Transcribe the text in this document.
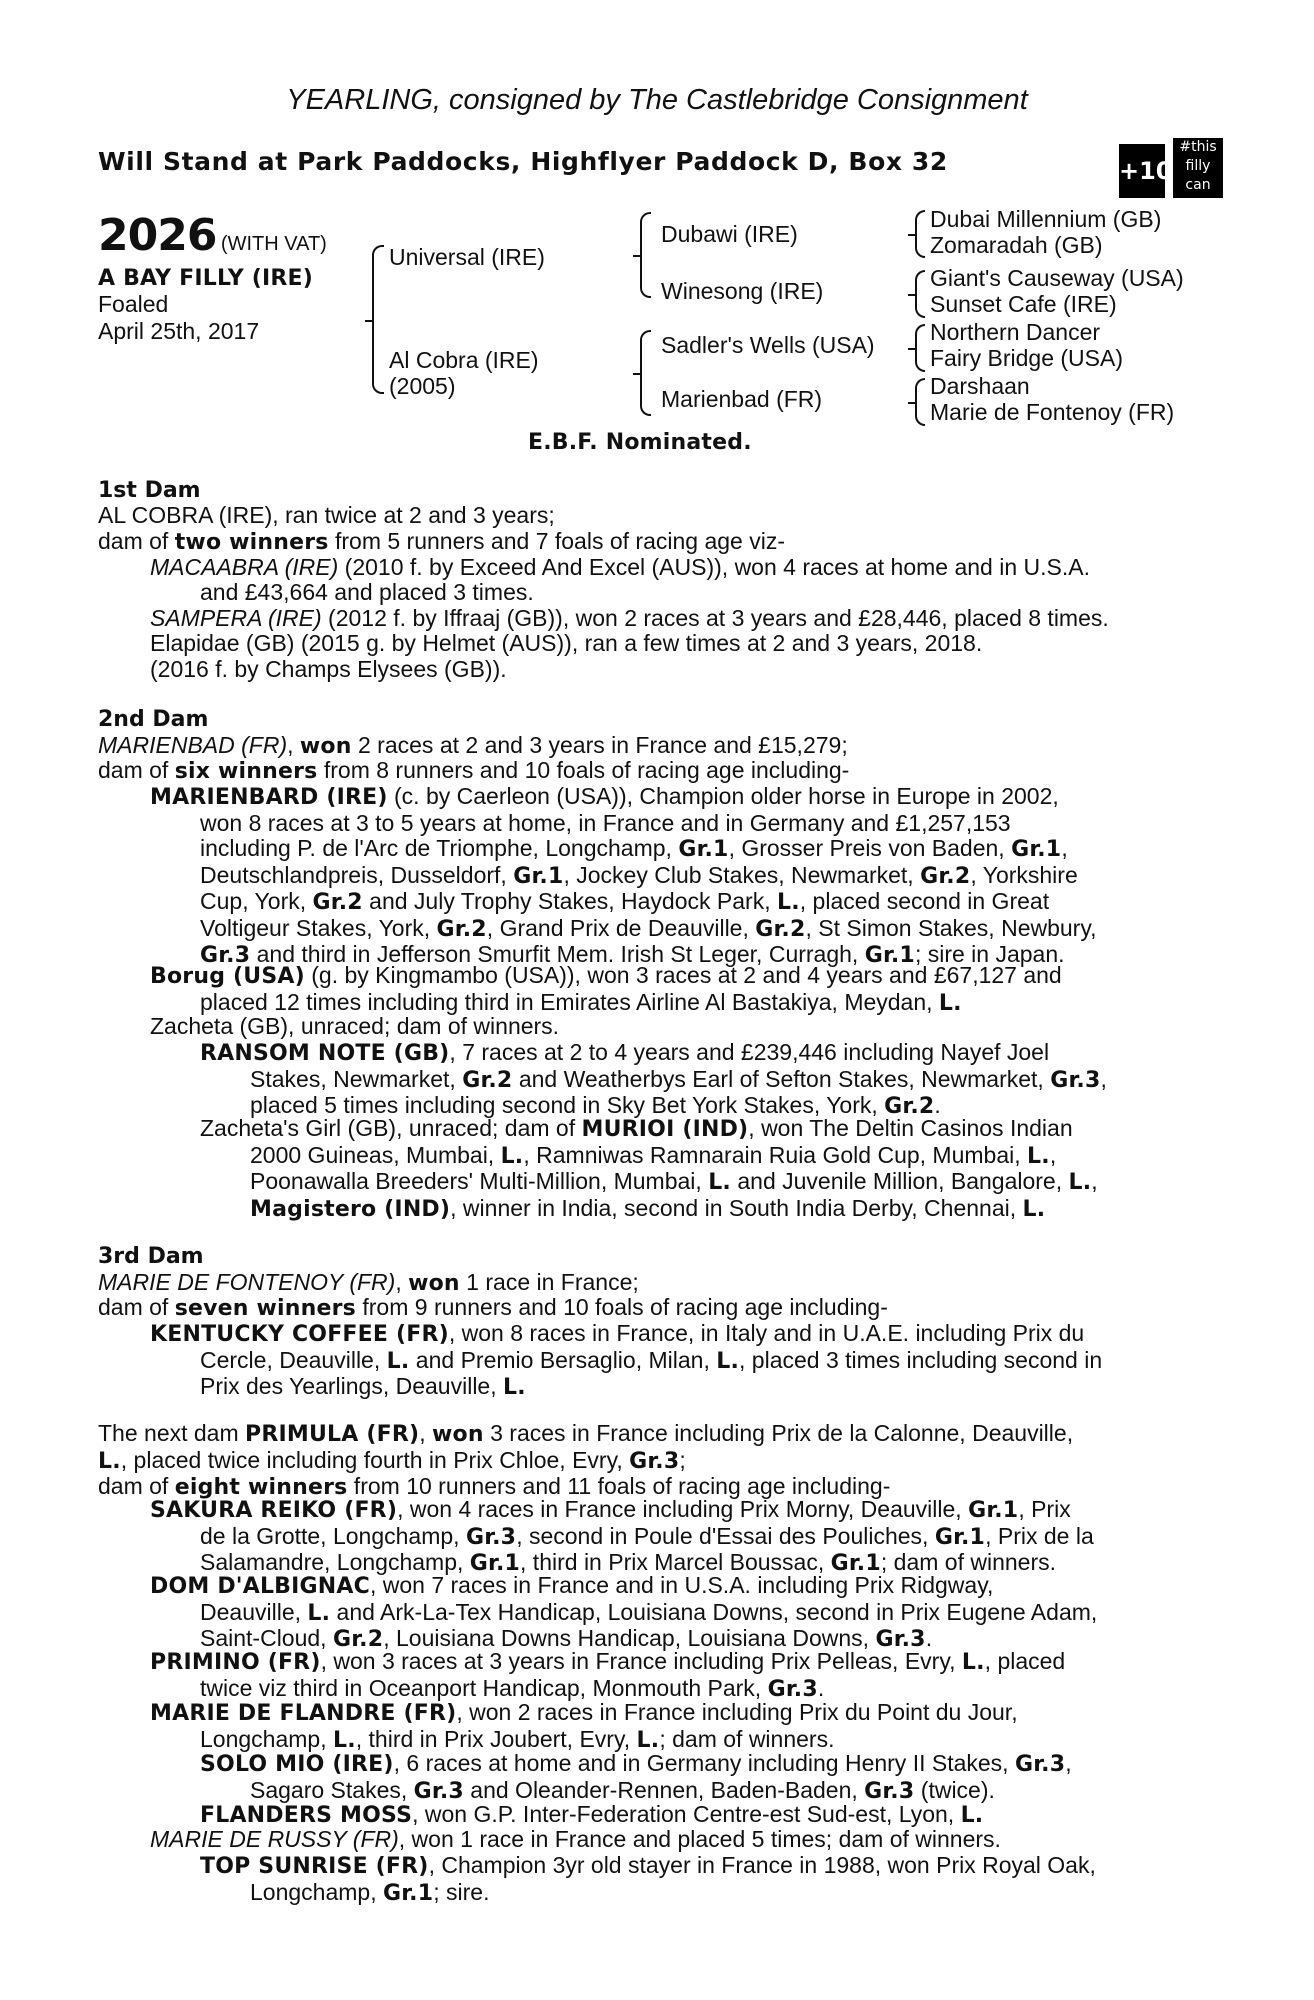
YEARLING, consigned by The Castlebridge Consignment
Will Stand at Park Paddocks, Highflyer Paddock D, Box 32	+10
#this
filly
can
2026 (WITH VAT)
A BAY FILLY (IRE)
Foaled
April 25th, 2017
Universal (IRE)
Al Cobra (IRE)
(2005)
Dubawi (IRE)
Winesong (IRE)
Sadler's Wells (USA)
Marienbad (FR)
Dubai Millennium (GB)
Zomaradah (GB)
Giant's Causeway (USA)
Sunset Cafe (IRE)
Northern Dancer
Fairy Bridge (USA)
Darshaan
Marie de Fontenoy (FR)
E.B.F. Nominated.
1st Dam
AL COBRA (IRE), ran twice at 2 and 3 years;
dam of two winners from 5 runners and 7 foals of racing age viz-
MACAABRA (IRE) (2010 f. by Exceed And Excel (AUS)), won 4 races at home and in U.S.A.
and £43,664 and placed 3 times.
SAMPERA (IRE) (2012 f. by Iffraaj (GB)), won 2 races at 3 years and £28,446, placed 8 times.
Elapidae (GB) (2015 g. by Helmet (AUS)), ran a few times at 2 and 3 years, 2018.
(2016 f. by Champs Elysees (GB)).
2nd Dam
MARIENBAD (FR), won 2 races at 2 and 3 years in France and £15,279;
dam of six winners from 8 runners and 10 foals of racing age including-
MARIENBARD (IRE) (c. by Caerleon (USA)), Champion older horse in Europe in 2002,
won 8 races at 3 to 5 years at home, in France and in Germany and £1,257,153
including P. de l'Arc de Triomphe, Longchamp, Gr.1, Grosser Preis von Baden, Gr.1,
Deutschlandpreis, Dusseldorf, Gr.1, Jockey Club Stakes, Newmarket, Gr.2, Yorkshire
Cup, York, Gr.2 and July Trophy Stakes, Haydock Park, L., placed second in Great
Voltigeur Stakes, York, Gr.2, Grand Prix de Deauville, Gr.2, St Simon Stakes, Newbury,
Gr.3 and third in Jefferson Smurfit Mem. Irish St Leger, Curragh, Gr.1; sire in Japan.
Borug (USA) (g. by Kingmambo (USA)), won 3 races at 2 and 4 years and £67,127 and
placed 12 times including third in Emirates Airline Al Bastakiya, Meydan, L.
Zacheta (GB), unraced; dam of winners.
RANSOM NOTE (GB), 7 races at 2 to 4 years and £239,446 including Nayef Joel
Stakes, Newmarket, Gr.2 and Weatherbys Earl of Sefton Stakes, Newmarket, Gr.3,
placed 5 times including second in Sky Bet York Stakes, York, Gr.2.
Zacheta's Girl (GB), unraced; dam of MURIOI (IND), won The Deltin Casinos Indian
2000 Guineas, Mumbai, L., Ramniwas Ramnarain Ruia Gold Cup, Mumbai, L.,
Poonawalla Breeders' Multi-Million, Mumbai, L. and Juvenile Million, Bangalore, L.,
Magistero (IND), winner in India, second in South India Derby, Chennai, L.
3rd Dam
MARIE DE FONTENOY (FR), won 1 race in France;
dam of seven winners from 9 runners and 10 foals of racing age including-
KENTUCKY COFFEE (FR), won 8 races in France, in Italy and in U.A.E. including Prix du
Cercle, Deauville, L. and Premio Bersaglio, Milan, L., placed 3 times including second in
Prix des Yearlings, Deauville, L.
The next dam PRIMULA (FR), won 3 races in France including Prix de la Calonne, Deauville,
L., placed twice including fourth in Prix Chloe, Evry, Gr.3;
dam of eight winners from 10 runners and 11 foals of racing age including-
SAKURA REIKO (FR), won 4 races in France including Prix Morny, Deauville, Gr.1, Prix
de la Grotte, Longchamp, Gr.3, second in Poule d'Essai des Pouliches, Gr.1, Prix de la
Salamandre, Longchamp, Gr.1, third in Prix Marcel Boussac, Gr.1; dam of winners.
DOM D'ALBIGNAC, won 7 races in France and in U.S.A. including Prix Ridgway,
Deauville, L. and Ark-La-Tex Handicap, Louisiana Downs, second in Prix Eugene Adam,
Saint-Cloud, Gr.2, Louisiana Downs Handicap, Louisiana Downs, Gr.3.
PRIMINO (FR), won 3 races at 3 years in France including Prix Pelleas, Evry, L., placed
twice viz third in Oceanport Handicap, Monmouth Park, Gr.3.
MARIE DE FLANDRE (FR), won 2 races in France including Prix du Point du Jour,
Longchamp, L., third in Prix Joubert, Evry, L.; dam of winners.
SOLO MIO (IRE), 6 races at home and in Germany including Henry II Stakes, Gr.3,
Sagaro Stakes, Gr.3 and Oleander-Rennen, Baden-Baden, Gr.3 (twice).
FLANDERS MOSS, won G.P. Inter-Federation Centre-est Sud-est, Lyon, L.
MARIE DE RUSSY (FR), won 1 race in France and placed 5 times; dam of winners.
TOP SUNRISE (FR), Champion 3yr old stayer in France in 1988, won Prix Royal Oak,
Longchamp, Gr.1; sire.
